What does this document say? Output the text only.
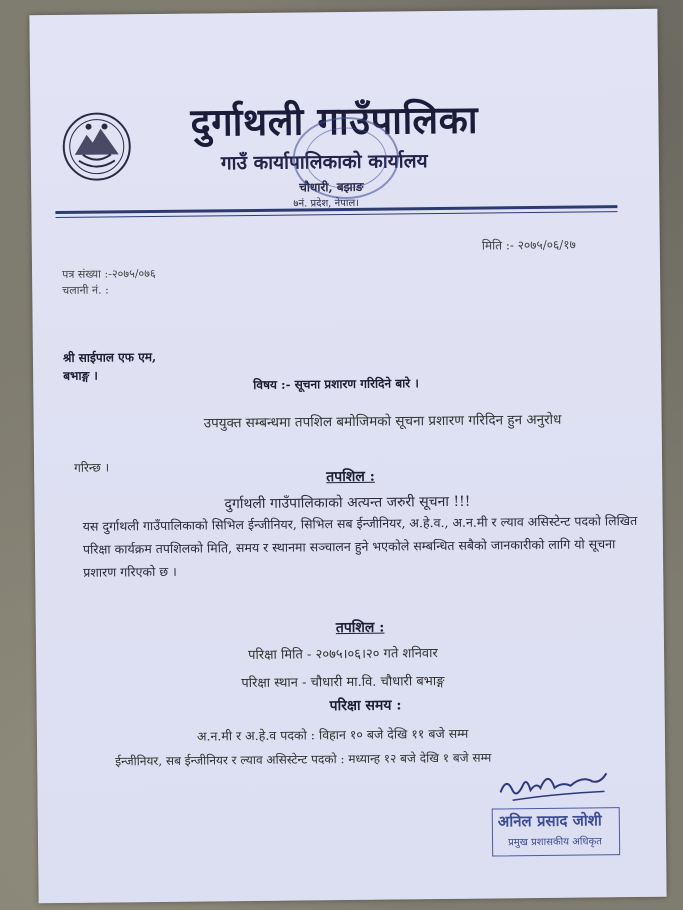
दुर्गाथली गाउँपालिका
गाउँ कार्यापालिकाको कार्यालय
चौधारी, बझाङ
७नं. प्रदेश, नेपाल।
मिति :- २०७५/०६/१७
पत्र संख्या :-२०७५/०७६
चलानी नं. :
श्री साईपाल एफ एम,
बभाङ्ग ।
विषय :- सूचना प्रशारण गरिदिने बारे ।
उपयुक्त सम्बन्धमा तपशिल बमोजिमको सूचना प्रशारण गरिदिन हुन अनुरोध
गरिन्छ ।
तपशिल :
दुर्गाथली गाउँपालिकाको अत्यन्त जरुरी सूचना !!!
यस दुर्गाथली गाउँपालिकाको सिभिल ईन्जीनियर, सिभिल सब ईन्जीनियर, अ.हे.व., अ.न.मी र ल्याव असिस्टेन्ट पदको लिखित परिक्षा कार्यक्रम तपशिलको मिति, समय र स्थानमा सञ्चालन हुने भएकोले सम्बन्धित सबैको जानकारीको लागि यो सूचना प्रशारण गरिएको छ ।
तपशिल :
परिक्षा मिति - २०७५।०६।२० गते शनिवार
परिक्षा स्थान - चौधारी मा.वि. चौधारी बभाङ्ग
परिक्षा समय :
अ.न.मी र अ.हे.व पदको : विहान १० बजे देखि ११ बजे सम्म
ईन्जीनियर, सब ईन्जीनियर र ल्याव असिस्टेन्ट पदको : मध्यान्ह १२ बजे देखि १ बजे सम्म
अनिल प्रसाद जोशी
प्रमुख प्रशासकीय अधिकृत
